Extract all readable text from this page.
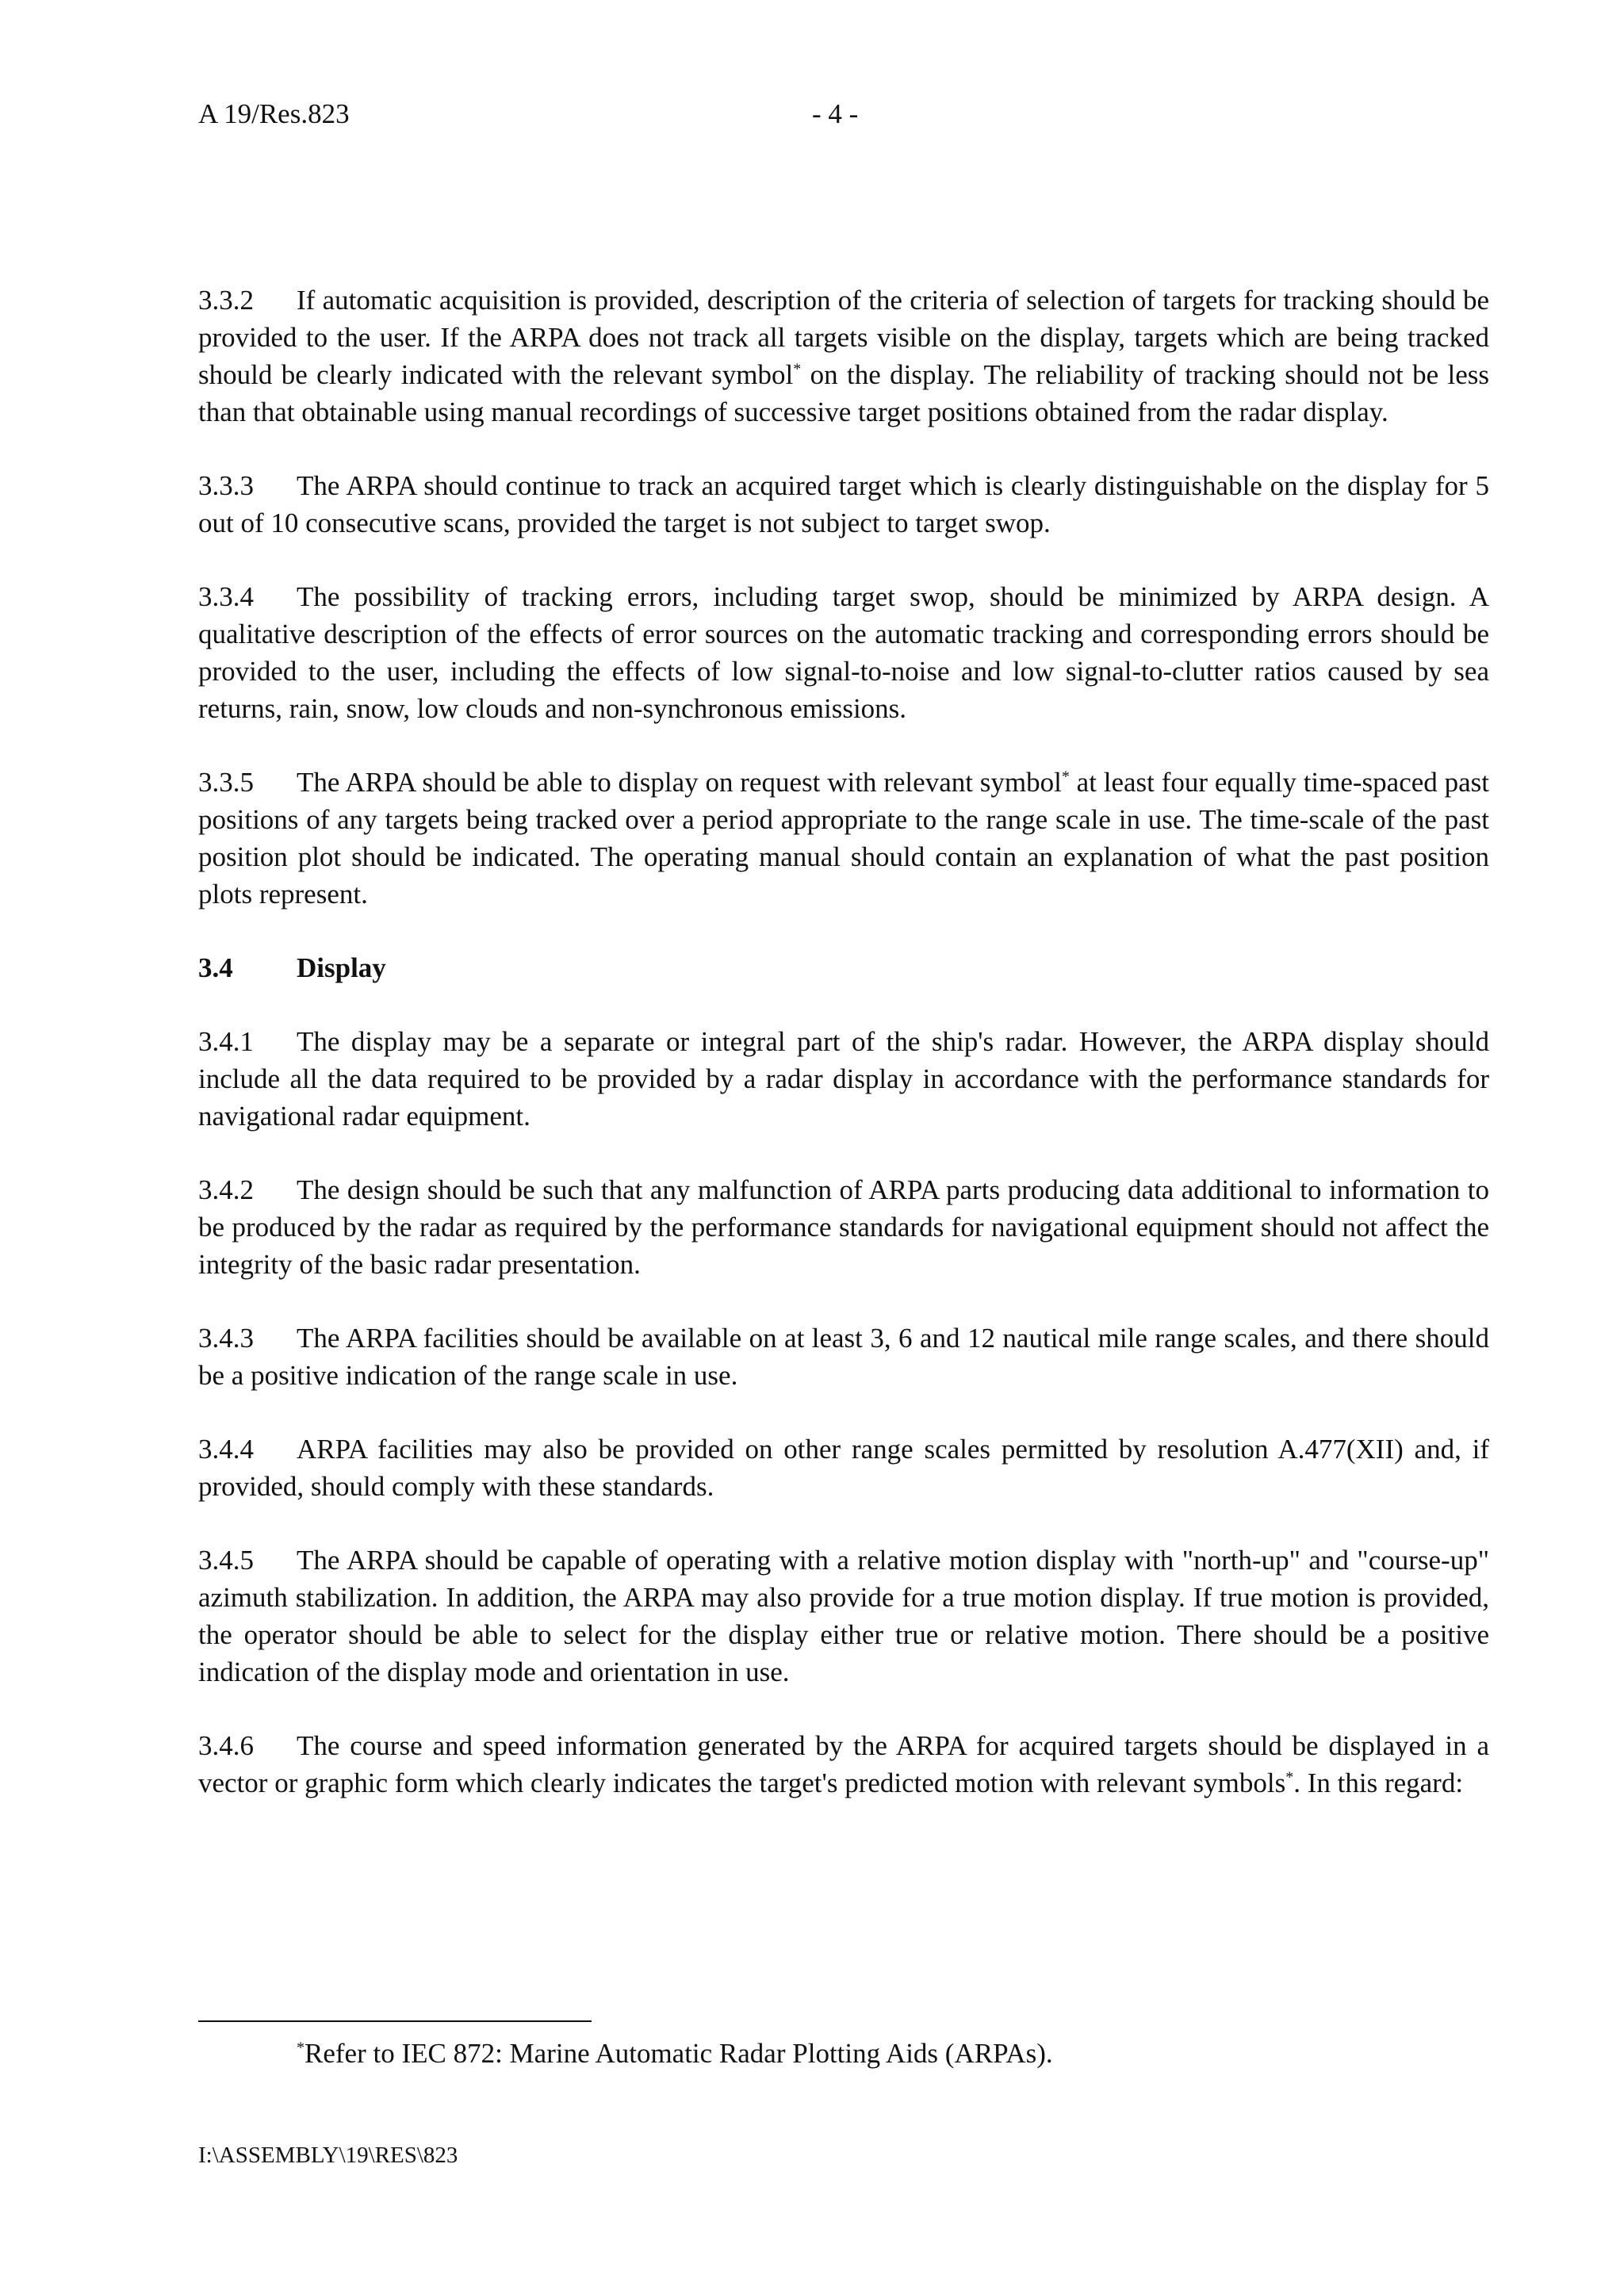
A 19/Res.823	- 4 -

3.3.2 If automatic acquisition is provided, description of the criteria of selection of targets for tracking should be provided to the user. If the ARPA does not track all targets visible on the display, targets which are being tracked should be clearly indicated with the relevant symbol* on the display. The reliability of tracking should not be less than that obtainable using manual recordings of successive target positions obtained from the radar display.

3.3.3 The ARPA should continue to track an acquired target which is clearly distinguishable on the display for 5 out of 10 consecutive scans, provided the target is not subject to target swop.

3.3.4 The possibility of tracking errors, including target swop, should be minimized by ARPA design. A qualitative description of the effects of error sources on the automatic tracking and corresponding errors should be provided to the user, including the effects of low signal-to-noise and low signal-to-clutter ratios caused by sea returns, rain, snow, low clouds and non-synchronous emissions.

3.3.5 The ARPA should be able to display on request with relevant symbol* at least four equally time-spaced past positions of any targets being tracked over a period appropriate to the range scale in use. The time-scale of the past position plot should be indicated. The operating manual should contain an explanation of what the past position plots represent.

3.4 Display

3.4.1 The display may be a separate or integral part of the ship's radar. However, the ARPA display should include all the data required to be provided by a radar display in accordance with the performance standards for navigational radar equipment.

3.4.2 The design should be such that any malfunction of ARPA parts producing data additional to information to be produced by the radar as required by the performance standards for navigational equipment should not affect the integrity of the basic radar presentation.

3.4.3 The ARPA facilities should be available on at least 3, 6 and 12 nautical mile range scales, and there should be a positive indication of the range scale in use.

3.4.4 ARPA facilities may also be provided on other range scales permitted by resolution A.477(XII) and, if provided, should comply with these standards.

3.4.5 The ARPA should be capable of operating with a relative motion display with "north-up" and "course-up" azimuth stabilization. In addition, the ARPA may also provide for a true motion display. If true motion is provided, the operator should be able to select for the display either true or relative motion. There should be a positive indication of the display mode and orientation in use.

3.4.6 The course and speed information generated by the ARPA for acquired targets should be displayed in a vector or graphic form which clearly indicates the target's predicted motion with relevant symbols*. In this regard:

*Refer to IEC 872: Marine Automatic Radar Plotting Aids (ARPAs).
I:\ASSEMBLY\19\RES\823
